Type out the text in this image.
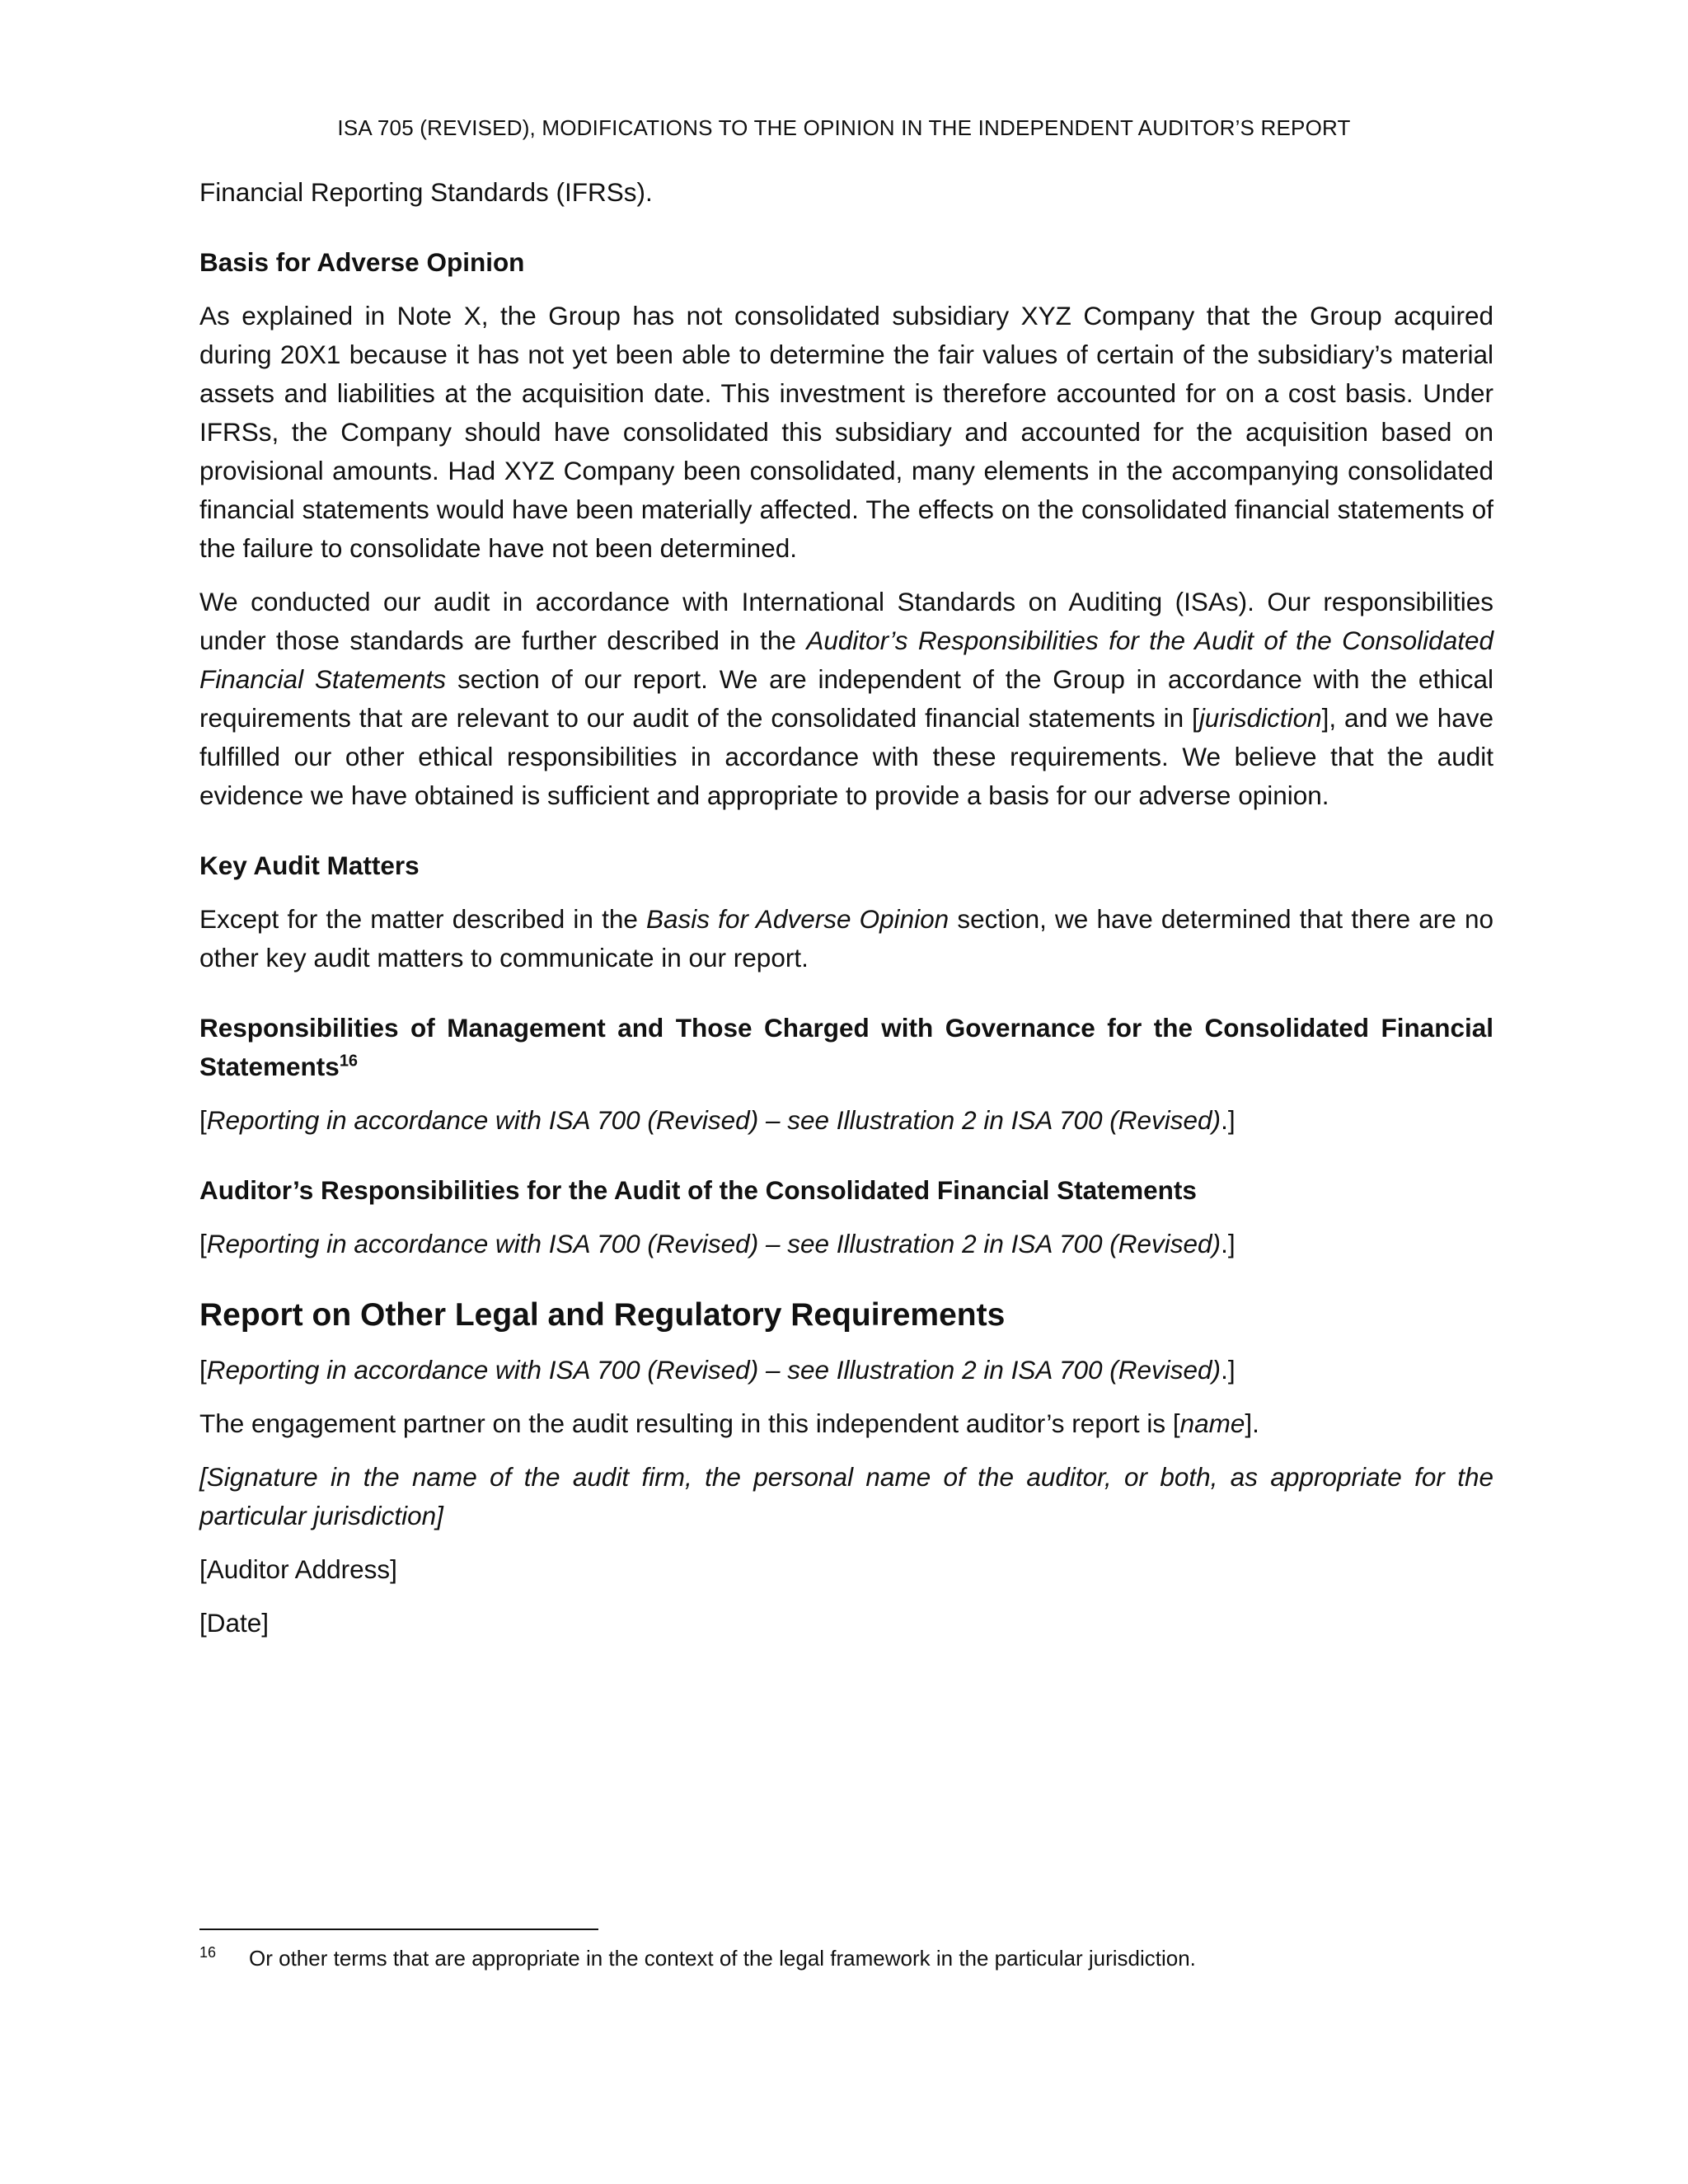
ISA 705 (REVISED), MODIFICATIONS TO THE OPINION IN THE INDEPENDENT AUDITOR’S REPORT

Financial Reporting Standards (IFRSs).

Basis for Adverse Opinion

As explained in Note X, the Group has not consolidated subsidiary XYZ Company that the Group acquired during 20X1 because it has not yet been able to determine the fair values of certain of the subsidiary’s material assets and liabilities at the acquisition date. This investment is therefore accounted for on a cost basis. Under IFRSs, the Company should have consolidated this subsidiary and accounted for the acquisition based on provisional amounts. Had XYZ Company been consolidated, many elements in the accompanying consolidated financial statements would have been materially affected. The effects on the consolidated financial statements of the failure to consolidate have not been determined.

We conducted our audit in accordance with International Standards on Auditing (ISAs). Our responsibilities under those standards are further described in the Auditor’s Responsibilities for the Audit of the Consolidated Financial Statements section of our report. We are independent of the Group in accordance with the ethical requirements that are relevant to our audit of the consolidated financial statements in [jurisdiction], and we have fulfilled our other ethical responsibilities in accordance with these requirements. We believe that the audit evidence we have obtained is sufficient and appropriate to provide a basis for our adverse opinion.

Key Audit Matters

Except for the matter described in the Basis for Adverse Opinion section, we have determined that there are no other key audit matters to communicate in our report.

Responsibilities of Management and Those Charged with Governance for the Consolidated Financial Statements$^{16}$

[Reporting in accordance with ISA 700 (Revised) – see Illustration 2 in ISA 700 (Revised).]

Auditor’s Responsibilities for the Audit of the Consolidated Financial Statements

[Reporting in accordance with ISA 700 (Revised) – see Illustration 2 in ISA 700 (Revised).]

Report on Other Legal and Regulatory Requirements

[Reporting in accordance with ISA 700 (Revised) – see Illustration 2 in ISA 700 (Revised).]

The engagement partner on the audit resulting in this independent auditor’s report is [name].

[Signature in the name of the audit firm, the personal name of the auditor, or both, as appropriate for the particular jurisdiction]

[Auditor Address]

[Date]

16	Or other terms that are appropriate in the context of the legal framework in the particular jurisdiction.
